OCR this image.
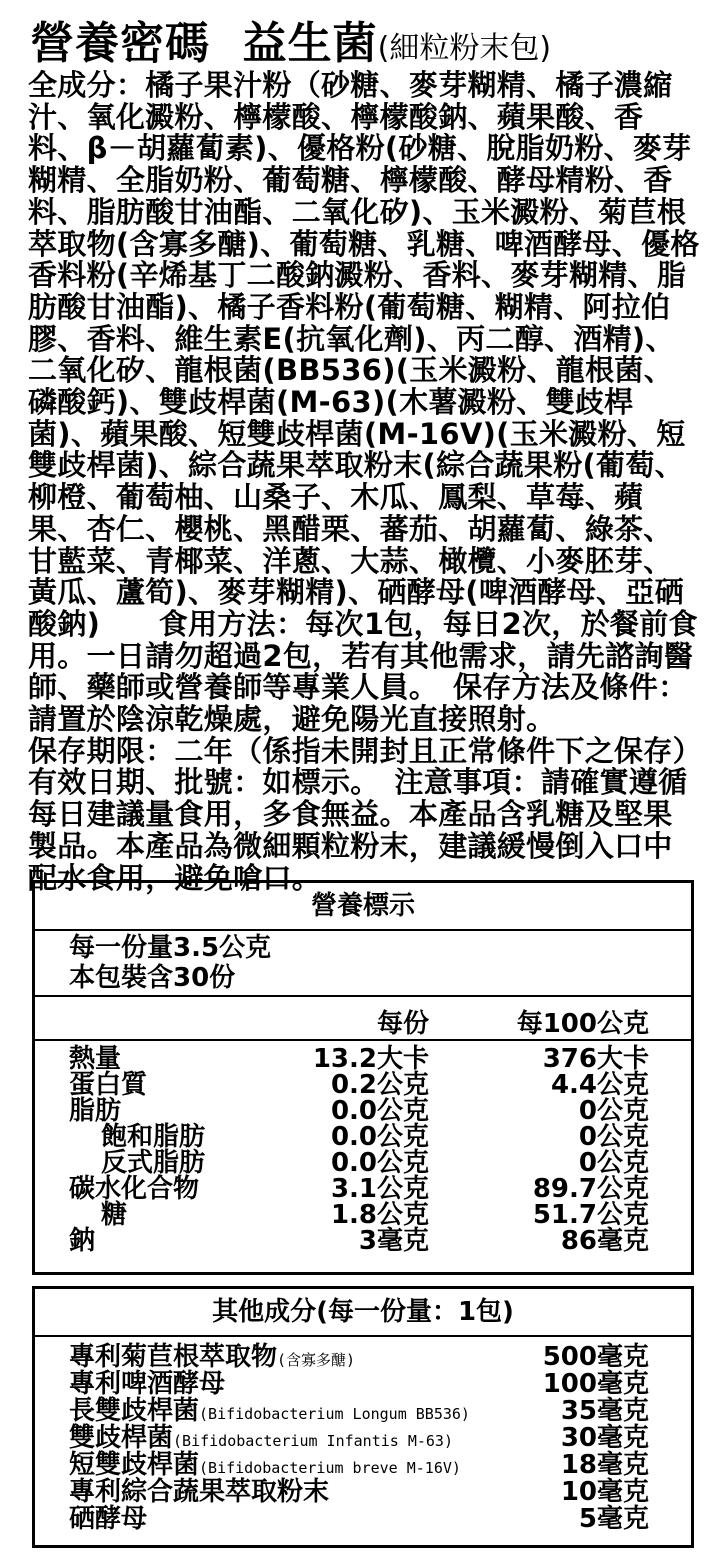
營養密碼  益生菌(細粒粉末包)

全成分：橘子果汁粉（砂糖、麥芽糊精、橘子濃縮汁、氧化澱粉、檸檬酸、檸檬酸鈉、蘋果酸、香料、β－胡蘿蔔素)、優格粉(砂糖、脫脂奶粉、麥芽糊精、全脂奶粉、葡萄糖、檸檬酸、酵母精粉、香料、脂肪酸甘油酯、二氧化矽)、玉米澱粉、菊苣根萃取物(含寡多醣)、葡萄糖、乳糖、啤酒酵母、優格香料粉(辛烯基丁二酸鈉澱粉、香料、麥芽糊精、脂肪酸甘油酯)、橘子香料粉(葡萄糖、糊精、阿拉伯膠、香料、維生素E(抗氧化劑)、丙二醇、酒精)、二氧化矽、龍根菌(BB536)(玉米澱粉、龍根菌、磷酸鈣)、雙歧桿菌(M-63)(木薯澱粉、雙歧桿菌)、蘋果酸、短雙歧桿菌(M-16V)(玉米澱粉、短雙歧桿菌)、綜合蔬果萃取粉末(綜合蔬果粉(葡萄、柳橙、葡萄柚、山桑子、木瓜、鳳梨、草莓、蘋果、杏仁、櫻桃、黑醋栗、蕃茄、胡蘿蔔、綠茶、甘藍菜、青椰菜、洋蔥、大蒜、橄欖、小麥胚芽、黃瓜、蘆筍)、麥芽糊精)、硒酵母(啤酒酵母、亞硒酸鈉)　　食用方法：每次1包，每日2次，於餐前食用。一日請勿超過2包，若有其他需求，請先諮詢醫師、藥師或營養師等專業人員。　保存方法及條件：請置於陰涼乾燥處，避免陽光直接照射。

保存期限：二年（係指未開封且正常條件下之保存）

有效日期、批號：如標示。　注意事項：請確實遵循每日建議量食用，多食無益。本產品含乳糖及堅果製品。本產品為微細顆粒粉末，建議緩慢倒入口中配水食用，避免嗆口。

營養標示
每一份量3.5公克
本包裝含30份
每份	每100公克
熱量	13.2大卡	376大卡
蛋白質	0.2公克	4.4公克
脂肪	0.0公克	0公克
飽和脂肪	0.0公克	0公克
反式脂肪	0.0公克	0公克
碳水化合物	3.1公克	89.7公克
糖	1.8公克	51.7公克
鈉	3毫克	86毫克
其他成分(每一份量：1包)
專利菊苣根萃取物(含寡多醣)	500毫克
專利啤酒酵母	100毫克
長雙歧桿菌(Bifidobacterium Longum BB536)	35毫克
雙歧桿菌(Bifidobacterium Infantis M-63)	30毫克
短雙歧桿菌(Bifidobacterium breve M-16V)	18毫克
專利綜合蔬果萃取粉末	10毫克
硒酵母	5毫克
